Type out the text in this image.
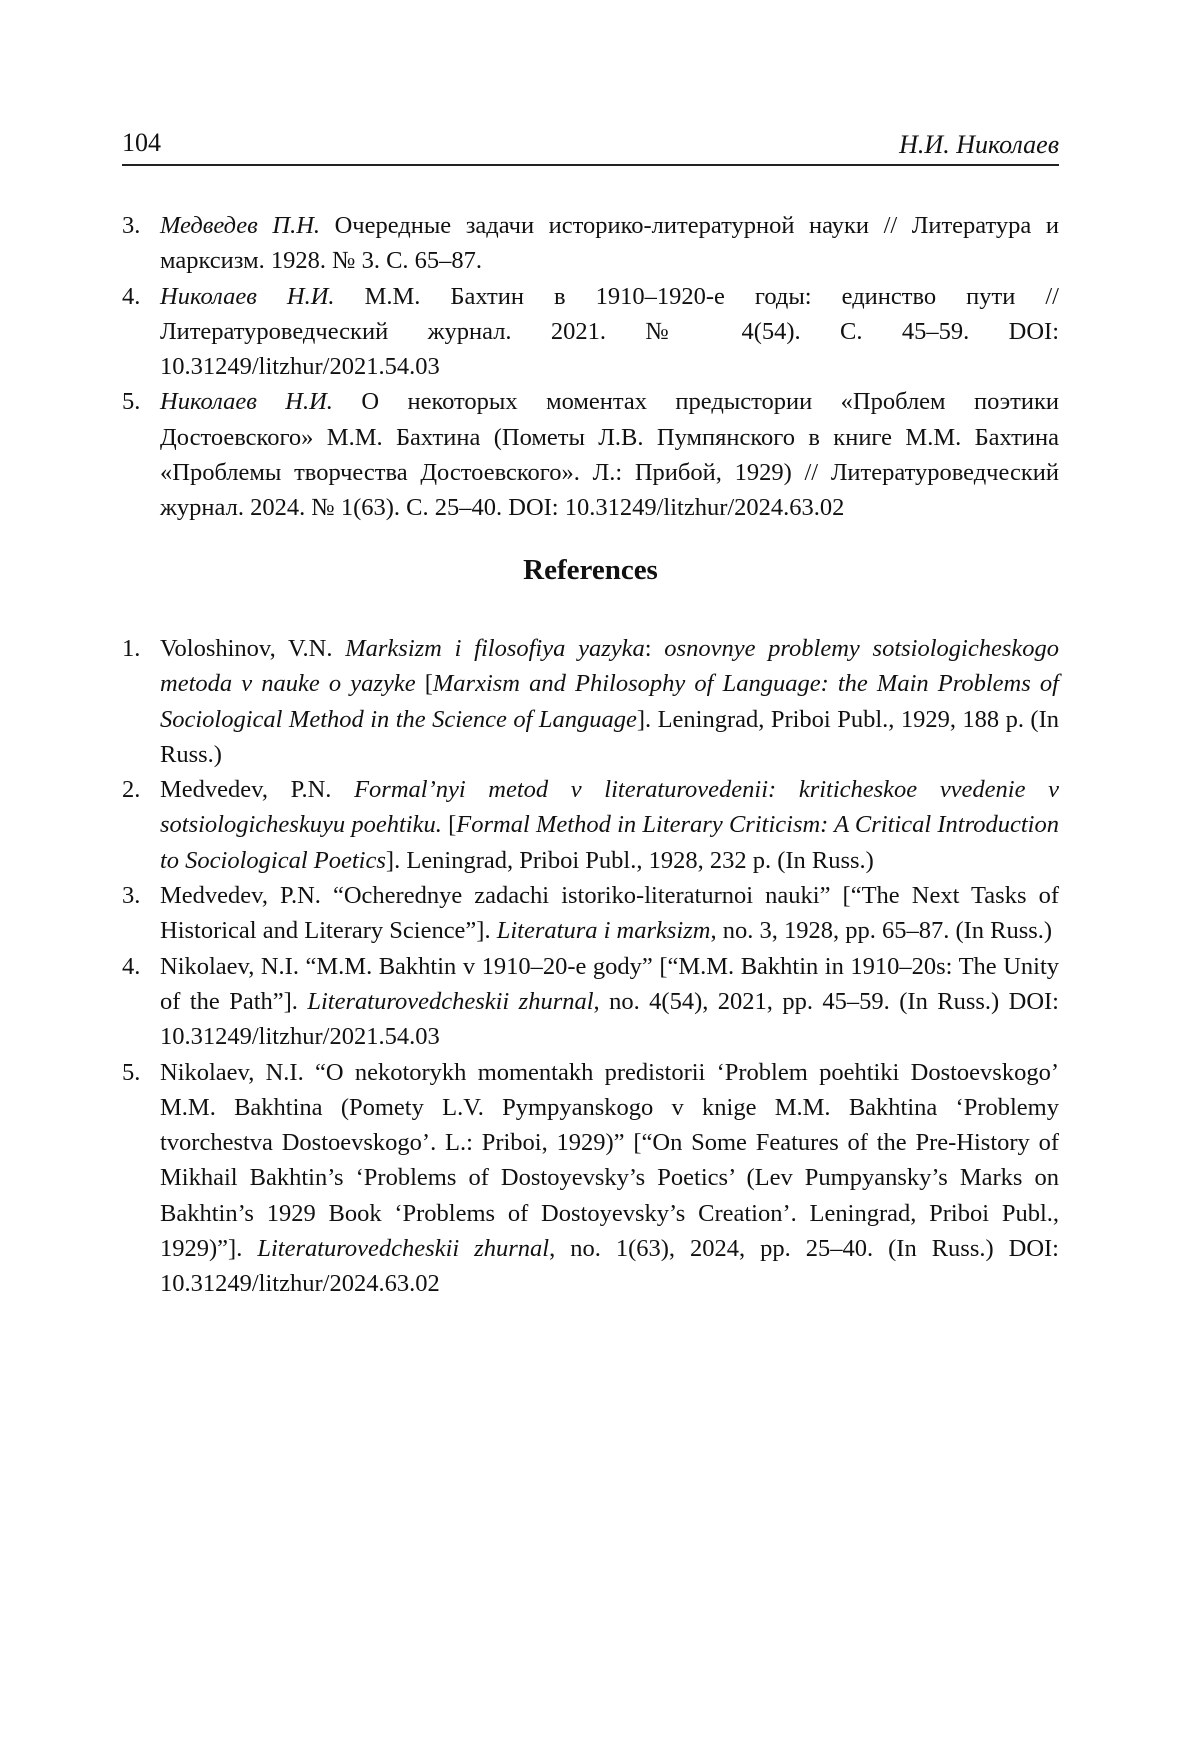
104	Н.И. Николаев
3. Медведев П.Н. Очередные задачи историко-литературной науки // Литература и марксизм. 1928. № 3. С. 65–87.
4. Николаев Н.И. М.М. Бахтин в 1910–1920-е годы: единство пути // Литературоведческий журнал. 2021. № 4(54). С. 45–59. DOI: 10.31249/litzhur/2021.54.03
5. Николаев Н.И. О некоторых моментах предыстории «Проблем поэтики Достоевского» М.М. Бахтина (Пометы Л.В. Пумпянского в книге М.М. Бахтина «Проблемы творчества Достоевского». Л.: Прибой, 1929) // Литературоведческий журнал. 2024. № 1(63). С. 25–40. DOI: 10.31249/litzhur/2024.63.02
References
1. Voloshinov, V.N. Marksizm i filosofiya yazyka: osnovnye problemy sotsiologicheskogo metoda v nauke o yazyke [Marxism and Philosophy of Language: the Main Problems of Sociological Method in the Science of Language]. Leningrad, Priboi Publ., 1929, 188 p. (In Russ.)
2. Medvedev, P.N. Formal’nyi metod v literaturovedenii: kriticheskoe vvedenie v sotsiologicheskuyu poehtiku. [Formal Method in Literary Criticism: A Critical Introduction to Sociological Poetics]. Leningrad, Priboi Publ., 1928, 232 p. (In Russ.)
3. Medvedev, P.N. “Ocherednye zadachi istoriko-literaturnoi nauki” [“The Next Tasks of Historical and Literary Science”]. Literatura i marksizm, no. 3, 1928, pp. 65–87. (In Russ.)
4. Nikolaev, N.I. “M.M. Bakhtin v 1910–20-e gody” [“M.M. Bakhtin in 1910–20s: The Unity of the Path”]. Literaturovedcheskii zhurnal, no. 4(54), 2021, pp. 45–59. (In Russ.) DOI: 10.31249/litzhur/2021.54.03
5. Nikolaev, N.I. “O nekotorykh momentakh predistorii ‘Problem poehtiki Dostoevskogo’ M.M. Bakhtina (Pomety L.V. Pympyanskogo v knige M.M. Bakhtina ‘Problemy tvorchestva Dostoevskogo’. L.: Priboi, 1929)” [“On Some Features of the Pre-History of Mikhail Bakhtin’s ‘Problems of Dostoyevsky’s Poetics’ (Lev Pumpyansky’s Marks on Bakhtin’s 1929 Book ‘Problems of Dostoyevsky’s Creation’. Leningrad, Priboi Publ., 1929)”]. Literaturovedcheskii zhurnal, no. 1(63), 2024, pp. 25–40. (In Russ.) DOI: 10.31249/litzhur/2024.63.02
